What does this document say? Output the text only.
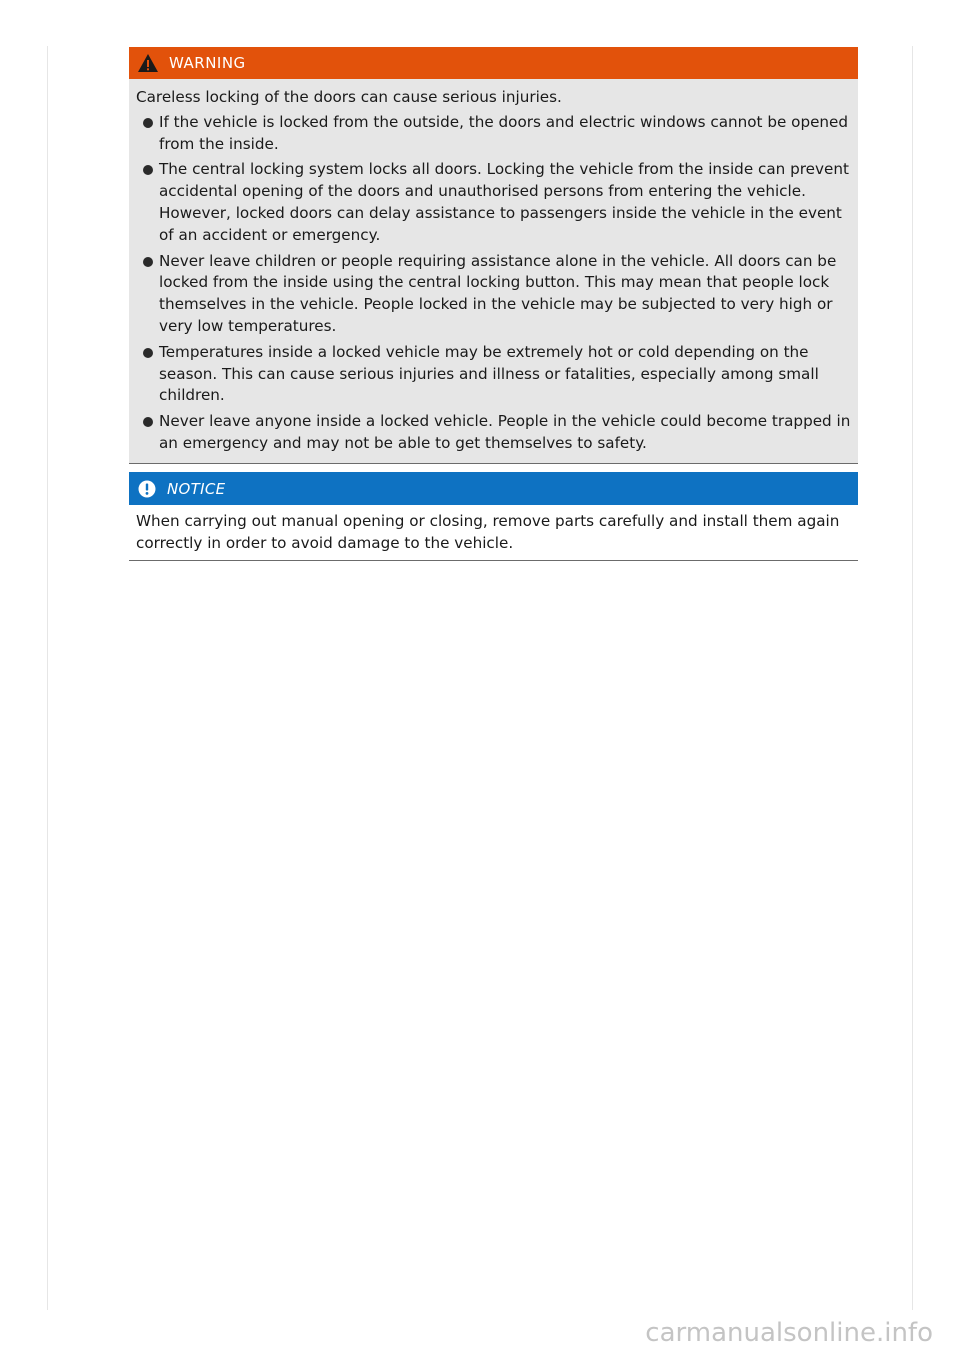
WARNING

Careless locking of the doors can cause serious injuries.

If the vehicle is locked from the outside, the doors and electric windows cannot be opened from the inside.
The central locking system locks all doors. Locking the vehicle from the inside can prevent accidental opening of the doors and unauthorised persons from entering the vehicle. However, locked doors can delay assistance to passengers inside the vehicle in the event of an accident or emergency.
Never leave children or people requiring assistance alone in the vehicle. All doors can be locked from the inside using the central locking button. This may mean that people lock themselves in the vehicle. People locked in the vehicle may be subjected to very high or very low temperatures.
Temperatures inside a locked vehicle may be extremely hot or cold depending on the season. This can cause serious injuries and illness or fatalities, especially among small children.
Never leave anyone inside a locked vehicle. People in the vehicle could become trapped in an emergency and may not be able to get themselves to safety.
NOTICE
When carrying out manual opening or closing, remove parts carefully and install them again correctly in order to avoid damage to the vehicle.
carmanualsonline.info
